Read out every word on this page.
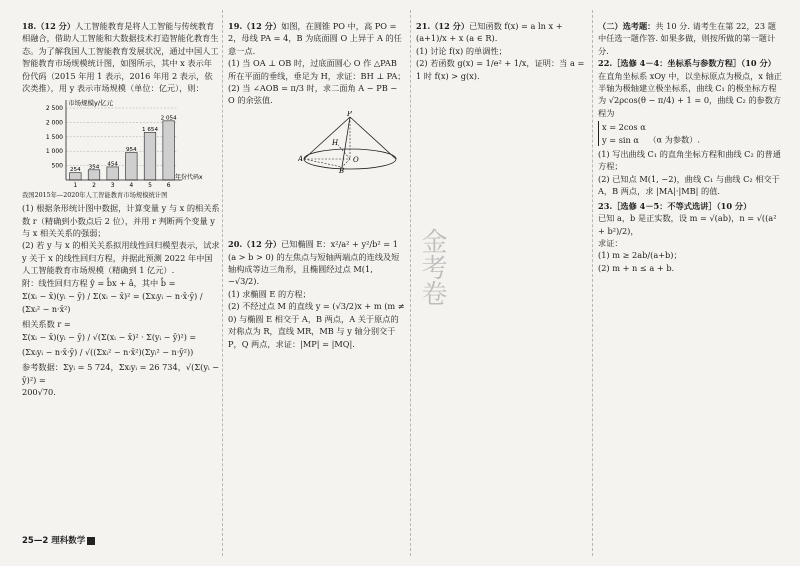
18.（12 分）人工智能教育是将人工智能与传统教育相融合，借助人工智能和大数据技术打造智能化教育生态。为了解我国人工智能教育发展状况，通过中国人工智能教育市场规模统计图，如图所示，其中 x 表示年份代码（2015 年用 1 表示，2016 年用 2 表示，依次类推），用 y 表示市场规模（单位：亿元），则：

市场规模y/亿元
500
1 000
1 500
2 000
2 500
254 354 454
954
1 654
2 054
1 2 3 4 5 6
年份代码x

我国2015年—2020年人工智能教育市场规模统计图

(1) 根据条形统计图中数据，计算变量 y 与 x 的相关系数 r（精确到小数点后 2 位），并用 r 判断两个变量 y 与 x 相关关系的强弱；

(2) 若 y 与 x 的相关关系拟用线性回归模型表示，试求 y 关于 x 的线性回归方程，并据此预测 2022 年中国人工智能教育市场规模（精确到 1 亿元）.

附：线性回归方程 ŷ = b̂x + â，其中 b̂ =

Σ(xᵢ − x̄)(yᵢ − ȳ) / Σ(xᵢ − x̄)² = (Σxᵢyᵢ − n·x̄·ȳ) / (Σxᵢ² − n·x̄²)

相关系数 r =

Σ(xᵢ − x̄)(yᵢ − ȳ) / √(Σ(xᵢ − x̄)² · Σ(yᵢ − ȳ)²) =

(Σxᵢyᵢ − n·x̄·ȳ) / √((Σxᵢ² − n·x̄²)(Σyᵢ² − n·ȳ²))

参考数据：Σyᵢ = 5 724，Σxᵢyᵢ = 26 734，√(Σ(yᵢ − ȳ)²) =

200√70.

19.（12 分）如图，在圆锥 PO 中，高 PO = 2，母线 PA = 4，B 为底面圆 O 上异于 A 的任意一点.

(1) 当 OA ⊥ OB 时，过底面圆心 O 作 △PAB 所在平面的垂线，垂足为 H，求证：BH ⊥ PA；

(2) 当 ∠AOB = π/3 时，求二面角 A − PB − O 的余弦值.

P
H
A
B
O

20.（12 分）已知椭圆 E：x²/a² + y²/b² = 1 (a > b > 0) 的左焦点与短轴两端点的连线及短轴构成等边三角形，且椭圆经过点 M(1, −√3/2).

(1) 求椭圆 E 的方程；

(2) 不经过点 M 的直线 y = (√3/2)x + m (m ≠ 0) 与椭圆 E 相交于 A，B 两点，A 关于原点的对称点为 R，直线 MR，MB 与 y 轴分别交于 P，Q 两点，求证：|MP| = |MQ|.

金考卷

21.（12 分）已知函数 f(x) = a ln x + (a+1)/x + x (a ∈ R).

(1) 讨论 f(x) 的单调性；

(2) 若函数 g(x) = 1/e² + 1/x，证明：当 a = 1 时 f(x) > g(x).

（二）选考题：共 10 分. 请考生在第 22，23 题中任选一题作答. 如果多做，则按所做的第一题计分.

22.［选修 4－4：坐标系与参数方程］（10 分）

在直角坐标系 xOy 中，以坐标原点为极点，x 轴正半轴为极轴建立极坐标系，曲线 C₁ 的极坐标方程为 √2ρcos(θ − π/4) + 1 = 0，曲线 C₂ 的参数方程为

x = 2cos α
y = sin α	（α 为参数）.

(1) 写出曲线 C₁ 的直角坐标方程和曲线 C₂ 的普通方程；

(2) 已知点 M(1, −2)，曲线 C₁ 与曲线 C₂ 相交于 A，B 两点，求 |MA|·|MB| 的值.

23.［选修 4－5：不等式选讲］（10 分）

已知 a，b 是正实数，设 m = √(ab)，n = √((a² + b²)/2)，

求证：

(1) m ≥ 2ab/(a+b)；

(2) m + n ≤ a + b.

25—2 理科数学
